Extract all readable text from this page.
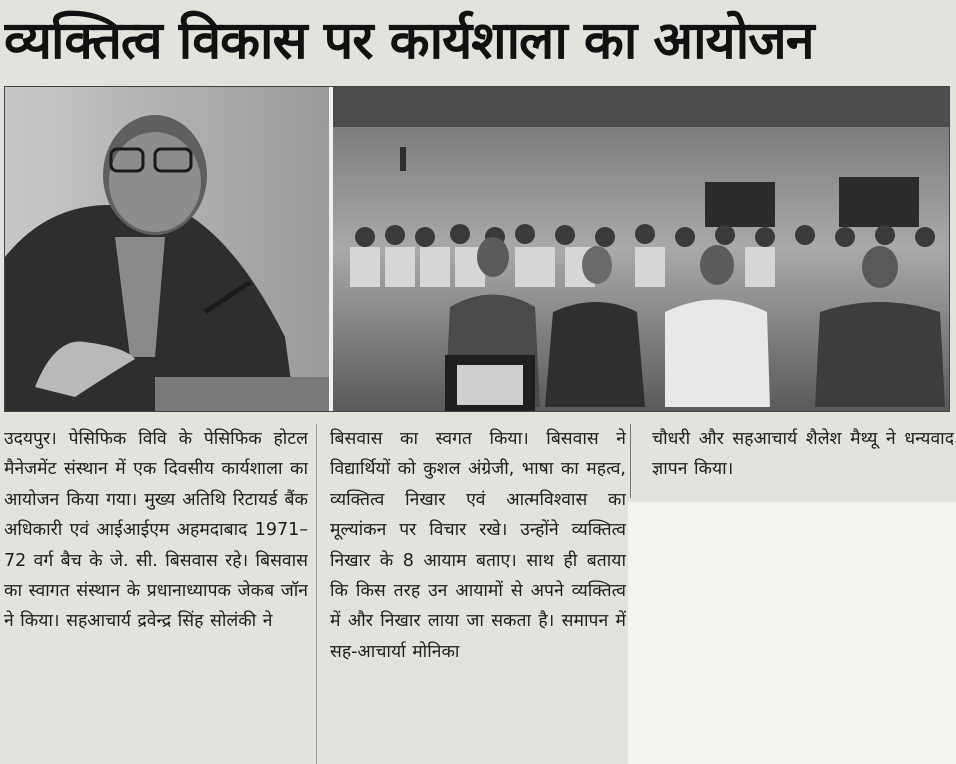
व्यक्तित्व विकास पर कार्यशाला का आयोजन

उदयपुर। पेसिफिक विवि के पेसिफिक होटल मैनेजमेंट संस्थान में एक दिवसीय कार्यशाला का आयोजन किया गया। मुख्य अतिथि रिटायर्ड बैंक अधिकारी एवं आईआईएम अहमदाबाद 1971–72 वर्ग बैच के जे. सी. बिसवास रहे। बिसवास का स्वागत संस्थान के प्रधानाध्यापक जेकब जॉन ने किया। सहआचार्य द्रवेन्द्र सिंह सोलंकी ने

बिसवास का स्वगत किया। बिसवास ने विद्यार्थियों को कुशल अंग्रेजी, भाषा का महत्व, व्यक्तित्व निखार एवं आत्मविश्वास का मूल्यांकन पर विचार रखे। उन्होंने व्यक्तित्व निखार के 8 आयाम बताए। साथ ही बताया कि किस तरह उन आयामों से अपने व्यक्तित्व में और निखार लाया जा सकता है। समापन में सह-आचार्या मोनिका

चौधरी और सहआचार्य शैलेश मैथ्यू ने धन्यवाद ज्ञापन किया।
